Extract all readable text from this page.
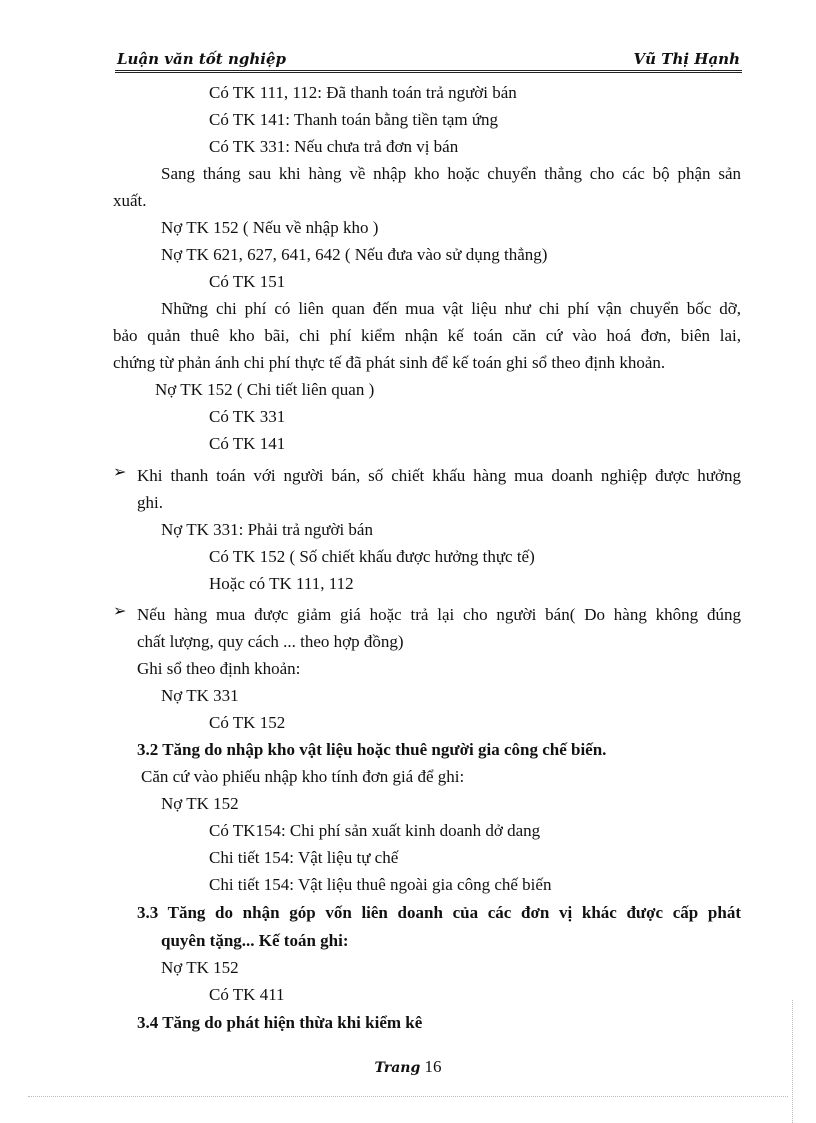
Luận văn tốt nghiệp	Vũ Thị Hạnh
Có TK 111, 112: Đã thanh toán trả người bán
Có TK 141: Thanh toán bằng tiền tạm ứng
Có TK 331: Nếu chưa trả đơn vị bán
Sang tháng sau khi hàng về nhập kho hoặc chuyển thẳng cho các bộ phận sản
xuất.
Nợ TK 152 ( Nếu về nhập kho )
Nợ TK 621, 627, 641, 642 ( Nếu đưa vào sử dụng thẳng)
Có TK 151
Những chi phí có liên quan đến mua vật liệu như chi phí vận chuyển bốc dỡ,
bảo quản thuê kho bãi, chi phí kiểm nhận kế toán căn cứ vào hoá đơn, biên lai,
chứng từ phản ánh chi phí thực tế đã phát sinh để kế toán ghi sổ theo định khoản.
Nợ TK 152 ( Chi tiết liên quan )
Có TK 331
Có TK 141
➢ Khi thanh toán với người bán, số chiết khấu hàng mua doanh nghiệp được hưởng
ghi.
Nợ TK 331: Phải trả người bán
Có TK 152 ( Số chiết khấu được hưởng thực tế)
Hoặc có TK 111, 112
➢ Nếu hàng mua được giảm giá hoặc trả lại cho người bán( Do hàng không đúng
chất lượng, quy cách ... theo hợp đồng)
Ghi sổ theo định khoản:
Nợ TK 331
Có TK 152
3.2 Tăng do nhập kho vật liệu hoặc thuê người gia công chế biến.
Căn cứ vào phiếu nhập kho tính đơn giá để ghi:
Nợ TK 152
Có TK154: Chi phí sản xuất kinh doanh dở dang
Chi tiết 154: Vật liệu tự chế
Chi tiết 154: Vật liệu thuê ngoài gia công chế biến
3.3 Tăng do nhận góp vốn liên doanh của các đơn vị khác được cấp phát
quyên tặng... Kế toán ghi:
Nợ TK 152
Có TK 411
3.4 Tăng do phát hiện thừa khi kiểm kê
Trang 16
